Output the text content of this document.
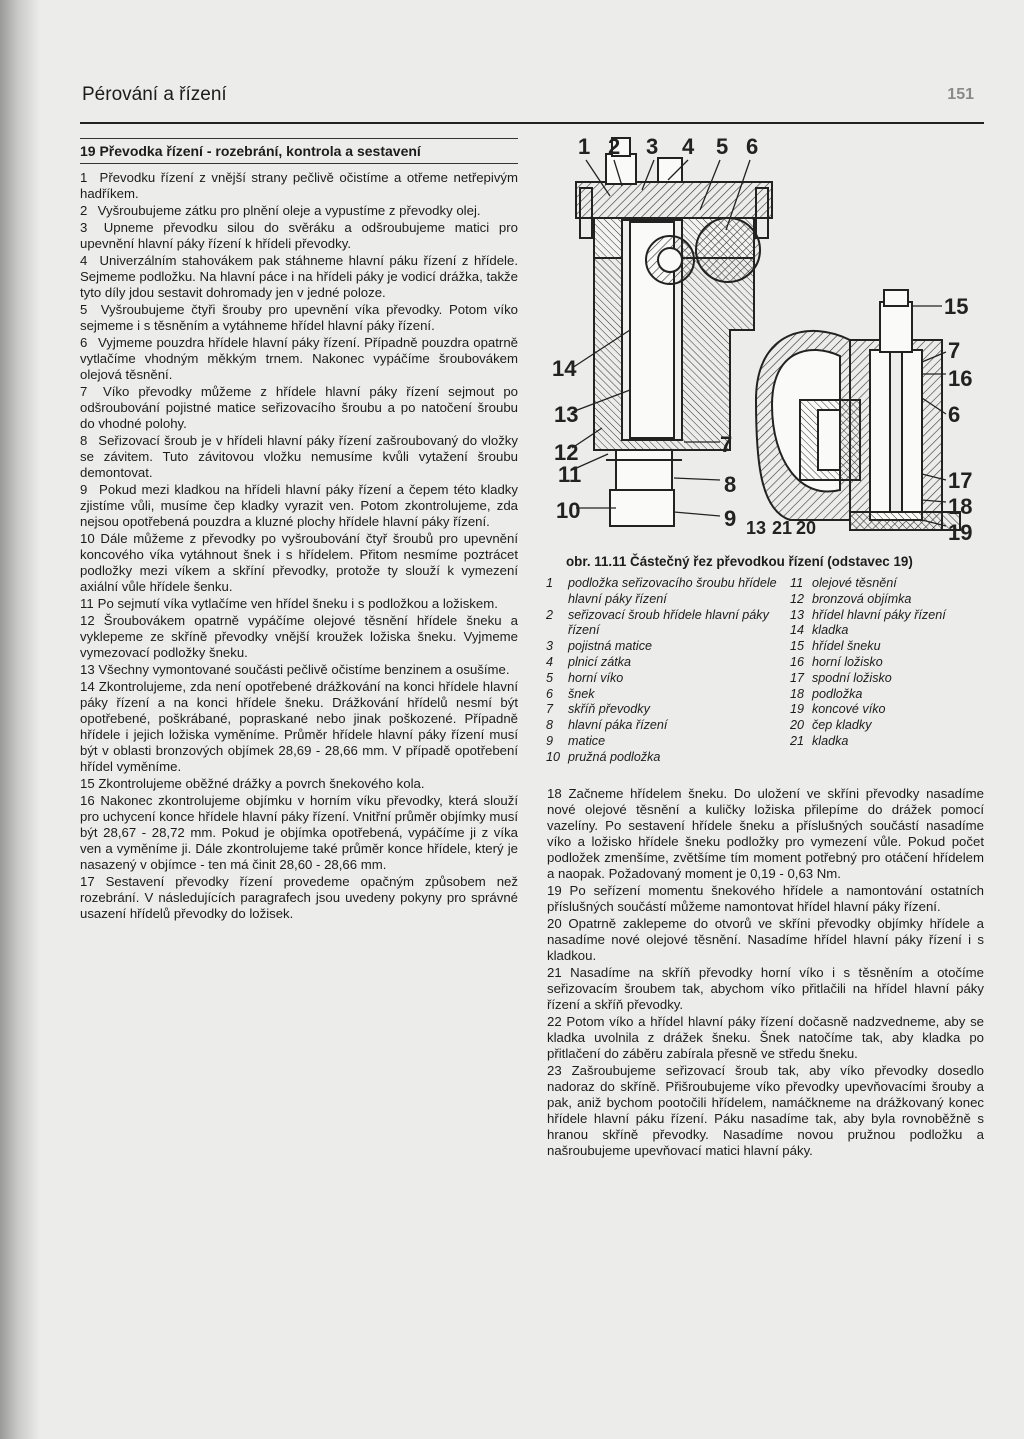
Pérování a řízení	151
19 Převodka řízení - rozebrání, kontrola a sestavení
1 Převodku řízení z vnější strany pečlivě očistíme a otřeme netřepivým hadříkem.
2 Vyšroubujeme zátku pro plnění oleje a vypustíme z převodky olej.
3 Upneme převodku silou do svěráku a odšroubujeme matici pro upevnění hlavní páky řízení k hřídeli převodky.
4 Univerzálním stahovákem pak stáhneme hlavní páku řízení z hřídele. Sejmeme podložku. Na hlavní páce i na hřídeli páky je vodicí drážka, takže tyto díly jdou sestavit dohromady jen v jedné poloze.
5 Vyšroubujeme čtyři šrouby pro upevnění víka převodky. Potom víko sejmeme i s těsněním a vytáhneme hřídel hlavní páky řízení.
6 Vyjmeme pouzdra hřídele hlavní páky řízení. Případně pouzdra opatrně vytlačíme vhodným měkkým trnem. Nakonec vypáčíme šroubovákem olejová těsnění.
7 Víko převodky můžeme z hřídele hlavní páky řízení sejmout po odšroubování pojistné matice seřizovacího šroubu a po natočení šroubu do vhodné polohy.
8 Seřizovací šroub je v hřídeli hlavní páky řízení zašroubovaný do vložky se závitem. Tuto závitovou vložku nemusíme kvůli vytažení šroubu demontovat.
9 Pokud mezi kladkou na hřídeli hlavní páky řízení a čepem této kladky zjistíme vůli, musíme čep kladky vyrazit ven. Potom zkontrolujeme, zda nejsou opotřebená pouzdra a kluzné plochy hřídele hlavní páky řízení.
10 Dále můžeme z převodky po vyšroubování čtyř šroubů pro upevnění koncového víka vytáhnout šnek i s hřídelem. Přitom nesmíme poztrácet podložky mezi víkem a skříní převodky, protože ty slouží k vymezení axiální vůle hřídele šenku.
11 Po sejmutí víka vytlačíme ven hřídel šneku i s podložkou a ložiskem.
12 Šroubovákem opatrně vypáčíme olejové těsnění hřídele šneku a vyklepeme ze skříně převodky vnější kroužek ložiska šneku. Vyjmeme vymezovací podložky šneku.
13 Všechny vymontované součásti pečlivě očistíme benzinem a osušíme.
14 Zkontrolujeme, zda není opotřebené drážkování na konci hřídele hlavní páky řízení a na konci hřídele šneku. Drážkování hřídelů nesmí být opotřebené, poškrábané, popraskané nebo jinak poškozené. Případně hřídele i jejich ložiska vyměníme. Průměr hřídele hlavní páky řízení musí být v oblasti bronzových objímek 28,69 - 28,66 mm. V případě opotřebení hřídel vyměníme.
15 Zkontrolujeme oběžné drážky a povrch šnekového kola.
16 Nakonec zkontrolujeme objímku v horním víku převodky, která slouží pro uchycení konce hřídele hlavní páky řízení. Vnitřní průměr objímky musí být 28,67 - 28,72 mm. Pokud je objímka opotřebená, vypáčíme ji z víka ven a vyměníme ji. Dále zkontrolujeme také průměr konce hřídele, který je nasazený v objímce - ten má činit 28,60 - 28,66 mm.
17 Sestavení převodky řízení provedeme opačným způsobem než rozebrání. V následujících paragrafech jsou uvedeny pokyny pro správné usazení hřídelů převodky do ložisek.
1 2 3 4 5 6
14
13
12
11
10
7
8
9
15
7
16
6
17
18
19
13 21 20
obr. 11.11 Částečný řez převodkou řízení (odstavec 19)
1	podložka seřizovacího šroubu hřídele hlavní páky řízení
2	seřizovací šroub hřídele hlavní páky řízení
3	pojistná matice
4	plnicí zátka
5	horní víko
6	šnek
7	skříň převodky
8	hlavní páka řízení
9	matice
10 pružná podložka
11 olejové těsnění
12 bronzová objímka
13 hřídel hlavní páky řízení
14 kladka
15 hřídel šneku
16 horní ložisko
17 spodní ložisko
18 podložka
19 koncové víko
20 čep kladky
21 kladka
18 Začneme hřídelem šneku. Do uložení ve skříni převodky nasadíme nové olejové těsnění a kuličky ložiska přilepíme do drážek pomocí vazelíny. Po sestavení hřídele šneku a příslušných součástí nasadíme víko a ložisko hřídele šneku podložky pro vymezení vůle. Pokud počet podložek zmenšíme, zvětšíme tím moment potřebný pro otáčení hřídelem a naopak. Požadovaný moment je 0,19 - 0,63 Nm.
19 Po seřízení momentu šnekového hřídele a namontování ostatních příslušných součástí můžeme namontovat hřídel hlavní páky řízení.
20 Opatrně zaklepeme do otvorů ve skříni převodky objímky hřídele a nasadíme nové olejové těsnění. Nasadíme hřídel hlavní páky řízení i s kladkou.
21 Nasadíme na skříň převodky horní víko i s těsněním a otočíme seřizovacím šroubem tak, abychom víko přitlačili na hřídel hlavní páky řízení a skříň převodky.
22 Potom víko a hřídel hlavní páky řízení dočasně nadzvedneme, aby se kladka uvolnila z drážek šneku. Šnek natočíme tak, aby kladka po přitlačení do záběru zabírala přesně ve středu šneku.
23 Zašroubujeme seřizovací šroub tak, aby víko převodky dosedlo nadoraz do skříně. Přišroubujeme víko převodky upevňovacími šrouby a pak, aniž bychom pootočili hřídelem, namáčkneme na drážkovaný konec hřídele hlavní páku řízení. Páku nasadíme tak, aby byla rovnoběžně s hranou skříně převodky. Nasadíme novou pružnou podložku a našroubujeme upevňovací matici hlavní páky.
